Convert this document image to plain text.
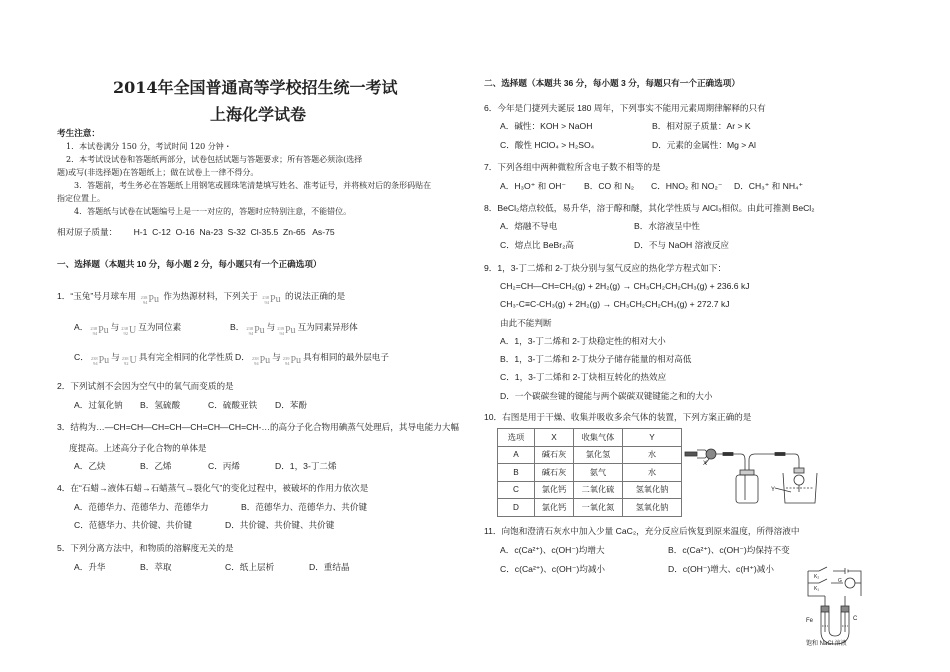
2014年全国普通高等学校招生统一考试
上海化学试卷
考生注意：
1．本试卷满分 150 分，考试时间 120 分钟・
2．本考试设试卷和答题纸两部分，试卷包括试题与答题要求；所有答题必须涂(选择
题)或写(非选择题)在答题纸上；做在试卷上一律不得分。
3．答题前，考生务必在答题纸上用钢笔或圆珠笔清楚填写姓名、准考证号，并将核对后的条形码贴在
指定位置上。
4．答题纸与试卷在试题编号上是一一对应的，答题时应特别注意，不能错位。
相对原子质量： H-1  C-12  O-16  Na-23  S-32  Cl-35.5  Zn-65   As-75
一、选择题（本题共 10 分，每小题 2 分，每小题只有一个正确选项）
1．“玉兔”号月球车用 238
94 Pu 作为热源材料，下列关于 238
94 Pu 的说法正确的是
A． 238
94 Pu 与 238
92 U 互为同位素	B． 238
94 Pu 与 239
94 Pu 互为同素异形体
C． 238
94 Pu 与 238
92 U 具有完全相同的化学性质 D． 238
94 Pu 与 239
94 Pu 具有相同的最外层电子
2．下列试剂不会因为空气中的氧气而变质的是
A．过氧化钠 B．氢硫酸	C．硫酸亚铁 D．苯酚
3．结构为…—CH=CH—CH=CH—CH=CH—CH=CH-…的高分子化合物用碘蒸气处理后，其导电能力大幅
度提高。上述高分子化合物的单体是
A．乙炔	B．乙烯	C．丙烯	D．1，3-丁二烯
4．在“石蜡→液体石蜡→石蜡蒸气→裂化气”的变化过程中，被破坏的作用力依次是
A．范德华力、范德华力、范德华力	B．范德华力、范德华力、共价键
C．范德华力、共价键、共价键	D．共价键、共价键、共价键
5．下列分离方法中，和物质的溶解度无关的是
A．升华	B．萃取	C．纸上层析	D．重结晶
二、选择题（本题共 36 分，每小题 3 分，每题只有一个正确选项）
6．今年是门捷列夫诞辰 180 周年，下列事实不能用元素周期律解释的只有
A．碱性：KOH > NaOH	B．相对原子质量：Ar > K
C．酸性 HClO₄ > H₂SO₄	D．元素的金属性：Mg > Al
7．下列各组中两种微粒所含电子数不相等的是
A．H₃O⁺ 和 OH⁻ B．CO 和 N₂ C．HNO₂ 和 NO₂⁻ D．CH₃⁺ 和 NH₄⁺
8．BeCl₂熔点较低，易升华，溶于醇和醚，其化学性质与 AlCl₃相似。由此可推测 BeCl₂
A．熔融不导电	B．水溶液呈中性
C．熔点比 BeBr₂高	D．不与 NaOH 溶液反应
9．1，3-丁二烯和 2-丁炔分别与氢气反应的热化学方程式如下：
CH₂=CH—CH=CH₂(g) + 2H₂(g) → CH₃CH₂CH₂CH₃(g) + 236.6 kJ
CH₃-C≡C-CH₃(g) + 2H₂(g) → CH₃CH₂CH₂CH₃(g) + 272.7 kJ
由此不能判断
A．1，3-丁二烯和 2-丁炔稳定性的相对大小
B．1，3-丁二烯和 2-丁炔分子储存能量的相对高低
C．1，3-丁二烯和 2-丁炔相互转化的热效应
D．一个碳碳叁键的键能与两个碳碳双键键能之和的大小
10．右图是用于干燥、收集并吸收多余气体的装置，下列方案正确的是
选项	X	收集气体	Y
A	碱石灰	氯化氢	水
B	碱石灰	氨气	水
C	氯化钙	二氧化硫	氢氧化钠
D	氯化钙	一氧化氮	氢氧化钠
X
Y
11．向饱和澄清石灰水中加入少量 CaC₂，充分反应后恢复到原来温度，所得溶液中
A．c(Ca²⁺)、c(OH⁻)均增大	B．c(Ca²⁺)、c(OH⁻)均保持不变
C．c(Ca²⁺)、c(OH⁻)均减小	D．c(OH⁻)增大、c(H⁺)减小
G
K₂
K₁
Fe	C
饱和 NaCl 溶液
